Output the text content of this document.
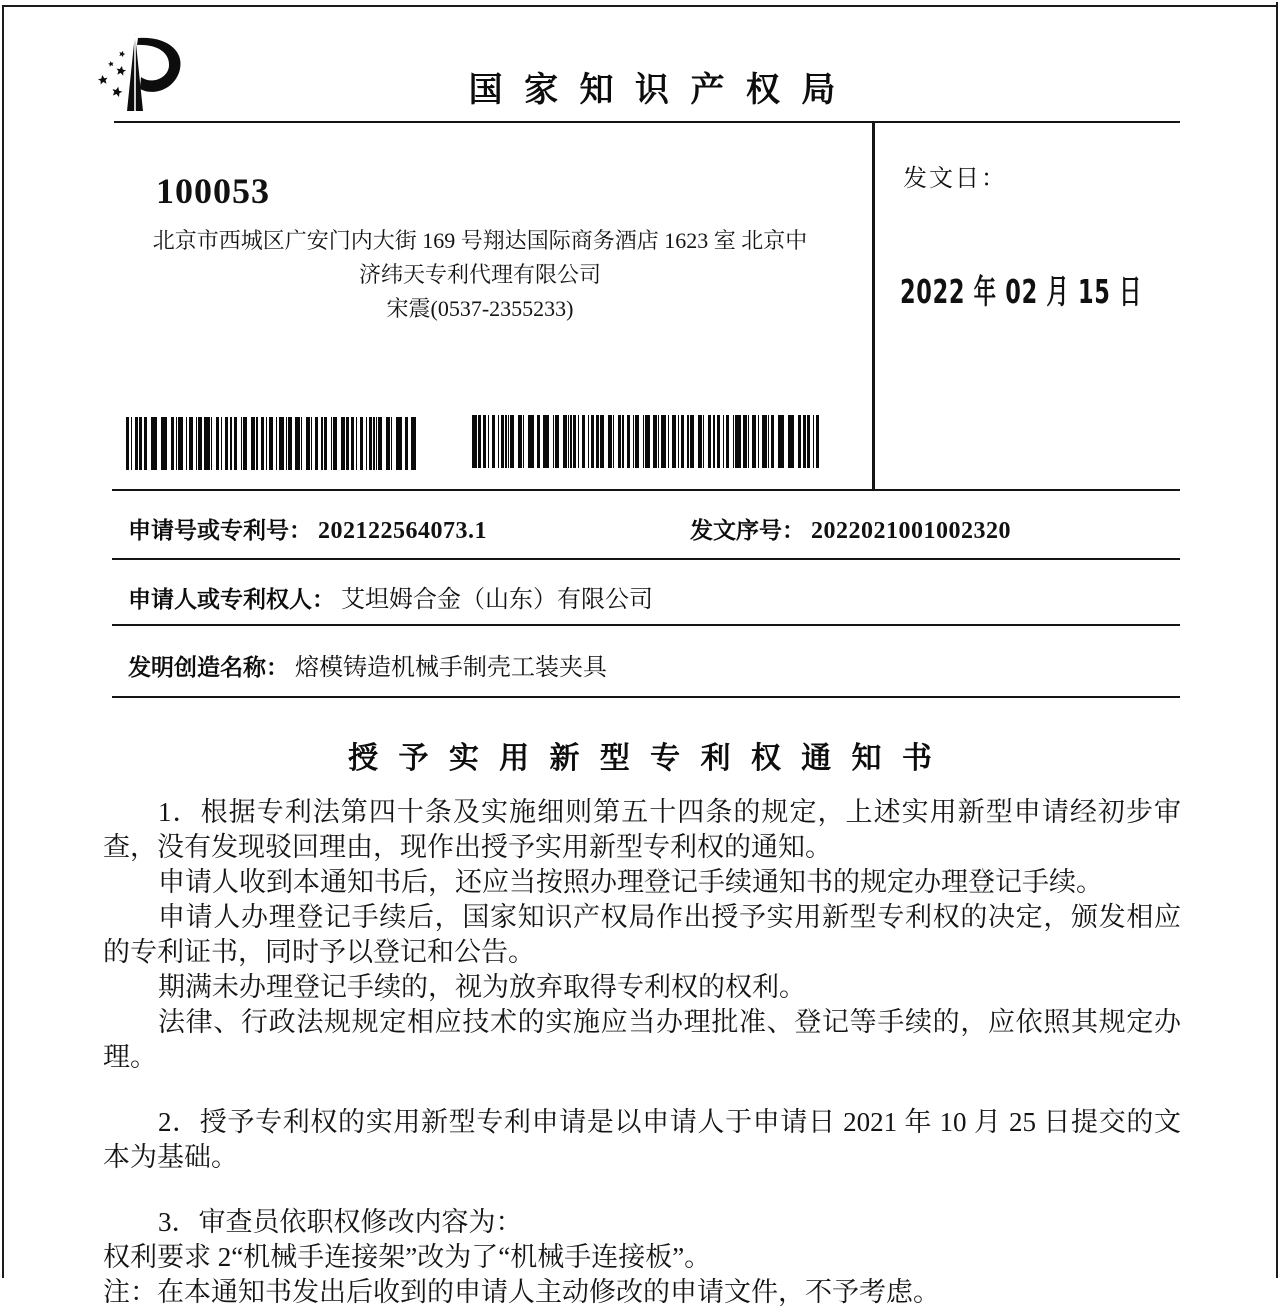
国 家 知 识 产 权 局
100053
北京市西城区广安门内大街 169 号翔达国际商务酒店 1623 室 北京中
济纬天专利代理有限公司
宋震(0537-2355233)
发文日：
2022 年 02 月 15 日
申请号或专利号： 202122564073.1	发文序号： 2022021001002320
申请人或专利权人： 艾坦姆合金（山东）有限公司
发明创造名称： 熔模铸造机械手制壳工装夹具
授 予 实 用 新 型 专 利 权 通 知 书

1．根据专利法第四十条及实施细则第五十四条的规定，上述实用新型申请经初步审查，没有发现驳回理由，现作出授予实用新型专利权的通知。

申请人收到本通知书后，还应当按照办理登记手续通知书的规定办理登记手续。

申请人办理登记手续后，国家知识产权局作出授予实用新型专利权的决定，颁发相应的专利证书，同时予以登记和公告。

期满未办理登记手续的，视为放弃取得专利权的权利。

法律、行政法规规定相应技术的实施应当办理批准、登记等手续的，应依照其规定办理。

2．授予专利权的实用新型专利申请是以申请人于申请日 2021 年 10 月 25 日提交的文本为基础。

3．审查员依职权修改内容为：

权利要求 2“机械手连接架”改为了“机械手连接板”。

注：在本通知书发出后收到的申请人主动修改的申请文件，不予考虑。
